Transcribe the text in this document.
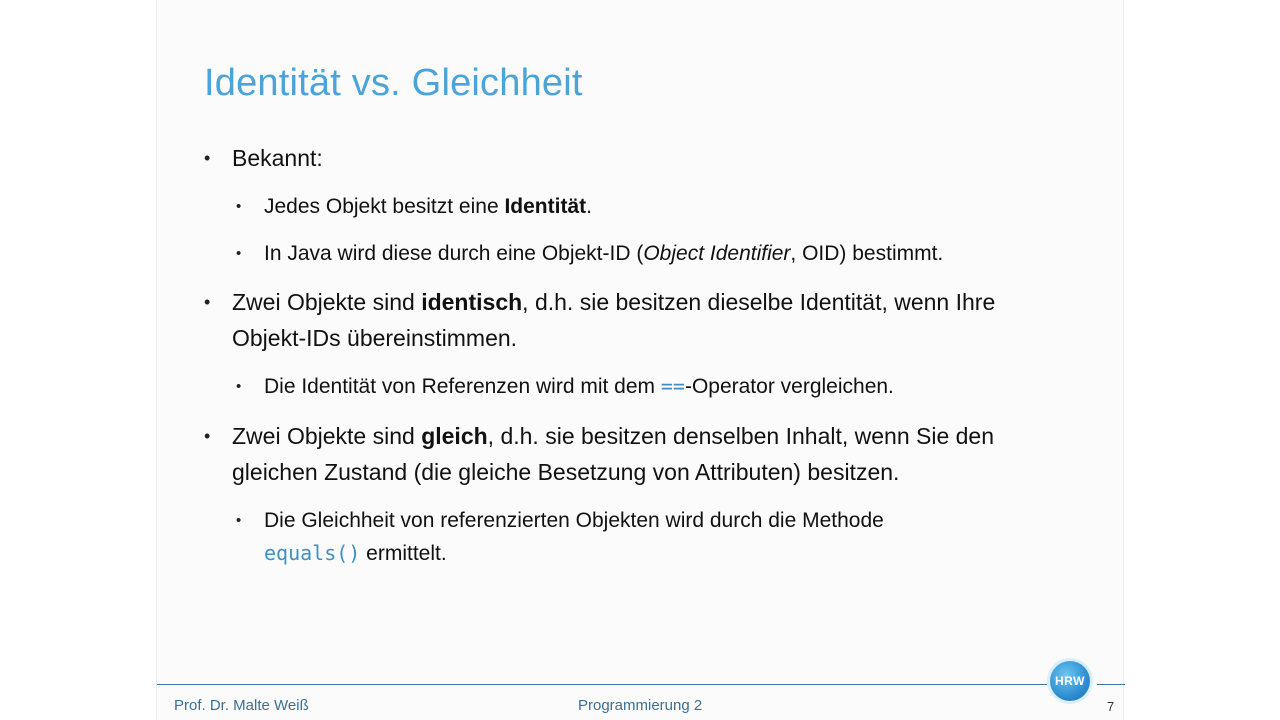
Identität vs. Gleichheit

• Bekannt:

• Jedes Objekt besitzt eine Identität.

• In Java wird diese durch eine Objekt-ID (Object Identifier, OID) bestimmt.

• Zwei Objekte sind identisch, d.h. sie besitzen dieselbe Identität, wenn Ihre
Objekt-IDs übereinstimmen.

• Die Identität von Referenzen wird mit dem ==-Operator vergleichen.

• Zwei Objekte sind gleich, d.h. sie besitzen denselben Inhalt, wenn Sie den
gleichen Zustand (die gleiche Besetzung von Attributen) besitzen.

• Die Gleichheit von referenzierten Objekten wird durch die Methode
equals() ermittelt.

HRW
Prof. Dr. Malte Weiß	Programmierung 2	7
